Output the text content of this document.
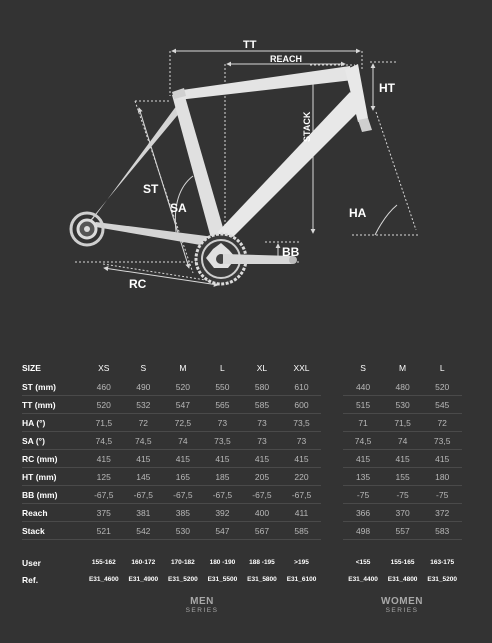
TT
REACH
HT
STACK
ST
SA	HA
BB
RC
SIZE	XS	S	M	L	XL	XXL		S	M	L
ST (mm)	460	490	520	550	580	610		440	480	520
TT (mm)	520	532	547	565	585	600		515	530	545
HA (°)	71,5	72	72,5	73	73	73,5		71	71,5	72
SA (°)	74,5	74,5	74	73,5	73	73		74,5	74	73,5
RC (mm)	415	415	415	415	415	415		415	415	415
HT (mm)	125	145	165	185	205	220		135	155	180
BB (mm)	-67,5	-67,5	-67,5	-67,5	-67,5	-67,5		-75	-75	-75
Reach	375	381	385	392	400	411		366	370	372
Stack	521	542	530	547	567	585		498	557	583

User	155-162	160-172	170-182	180 -190	188 -195	>195		<155	155-165	163-175
Ref.	E31_4600	E31_4900	E31_5200	E31_5500	E31_5800	E31_6100		E31_4400	E31_4800	E31_5200
MEN
SERIES
WOMEN
SERIES
